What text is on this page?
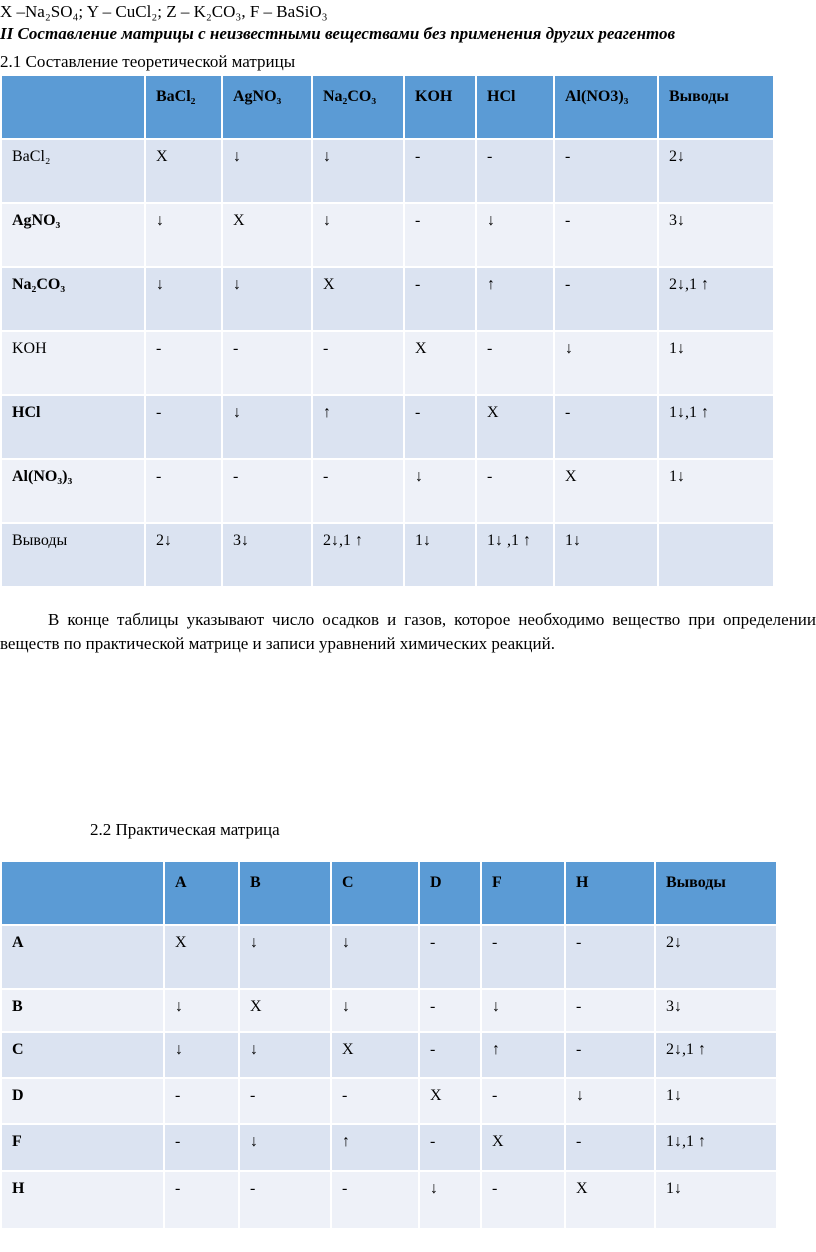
X –Na₂SO₄; Y – CuCl₂; Z – K₂CO₃, F – BaSiO₃
II Составление матрицы с неизвестными веществами без применения других реагентов
2.1 Составление теоретической матрицы
	BaCl₂	AgNO₃	Na₂CO₃	KOH	HCl	Al(NO3)₃	Выводы
BaCl₂	X	↓	↓	-	-	-	2↓
AgNO₃	↓	X	↓	-	↓	-	3↓
Na₂CO₃	↓	↓	X	-	↑	-	2↓,1 ↑
KOH	-	-	-	X	-	↓	1↓
HCl	-	↓	↑	-	X	-	1↓,1 ↑
Al(NO₃)₃	-	-	-	↓	-	X	1↓
Выводы	2↓	3↓	2↓,1 ↑	1↓	1↓ ,1 ↑	1↓	
В конце таблицы указывают число осадков и газов, которое необходимо вещество при определении веществ по практической матрице и записи уравнений химических реакций.
2.2 Практическая матрица
	A	B	C	D	F	H	Выводы
A	X	↓	↓	-	-	-	2↓
B	↓	X	↓	-	↓	-	3↓
C	↓	↓	X	-	↑	-	2↓,1 ↑
D	-	-	-	X	-	↓	1↓
F	-	↓	↑	-	X	-	1↓,1 ↑
H	-	-	-	↓	-	X	1↓
